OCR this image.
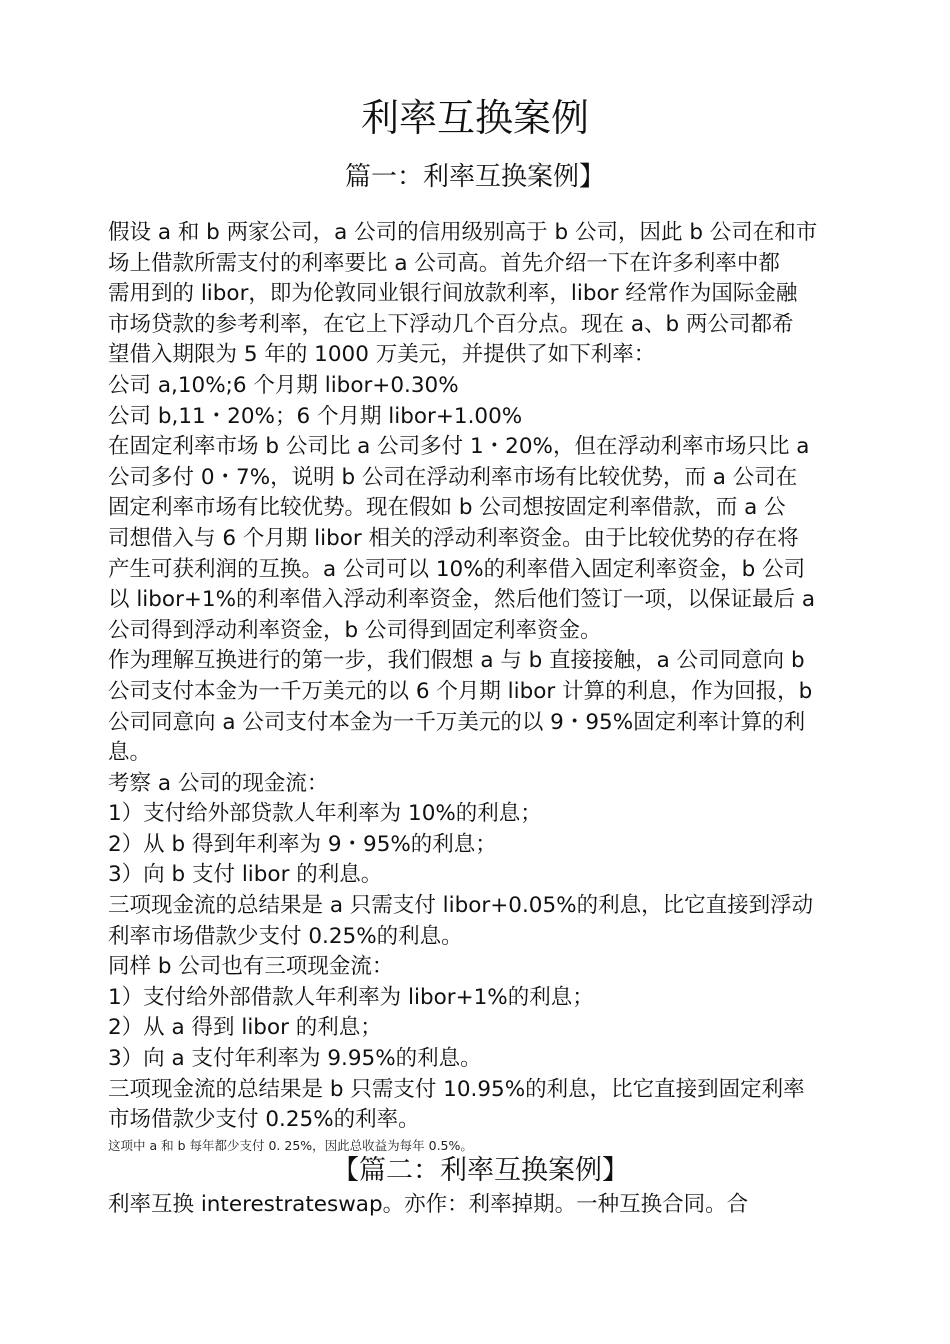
利率互换案例
篇一：利率互换案例】
假设 a 和 b 两家公司，a 公司的信用级别高于 b 公司，因此 b 公司在和市
场上借款所需支付的利率要比 a 公司高。首先介绍一下在许多利率中都
需用到的 libor，即为伦敦同业银行间放款利率，libor 经常作为国际金融
市场贷款的参考利率，在它上下浮动几个百分点。现在 a、b 两公司都希
望借入期限为 5 年的 1000 万美元，并提供了如下利率：
公司 a,10%;6 个月期 libor+0.30%
公司 b,11・20%；6 个月期 libor+1.00%
在固定利率市场 b 公司比 a 公司多付 1・20%，但在浮动利率市场只比 a
公司多付 0・7%，说明 b 公司在浮动利率市场有比较优势，而 a 公司在
固定利率市场有比较优势。现在假如 b 公司想按固定利率借款，而 a 公
司想借入与 6 个月期 libor 相关的浮动利率资金。由于比较优势的存在将
产生可获利润的互换。a 公司可以 10%的利率借入固定利率资金，b 公司
以 libor+1%的利率借入浮动利率资金，然后他们签订一项，以保证最后 a
公司得到浮动利率资金，b 公司得到固定利率资金。
作为理解互换进行的第一步，我们假想 a 与 b 直接接触，a 公司同意向 b
公司支付本金为一千万美元的以 6 个月期 libor 计算的利息，作为回报，b
公司同意向 a 公司支付本金为一千万美元的以 9・95%固定利率计算的利
息。
考察 a 公司的现金流：
1）支付给外部贷款人年利率为 10%的利息；
2）从 b 得到年利率为 9・95%的利息；
3）向 b 支付 libor 的利息。
三项现金流的总结果是 a 只需支付 libor+0.05%的利息，比它直接到浮动
利率市场借款少支付 0.25%的利息。
同样 b 公司也有三项现金流：
1）支付给外部借款人年利率为 libor+1%的利息；
2）从 a 得到 libor 的利息；
3）向 a 支付年利率为 9.95%的利息。
三项现金流的总结果是 b 只需支付 10.95%的利息，比它直接到固定利率
市场借款少支付 0.25%的利率。
这项中 a 和 b 每年都少支付 0. 25%，因此总收益为每年 0.5%。
【篇二：利率互换案例】
利率互换 interestrateswap。亦作：利率掉期。一种互换合同。合
